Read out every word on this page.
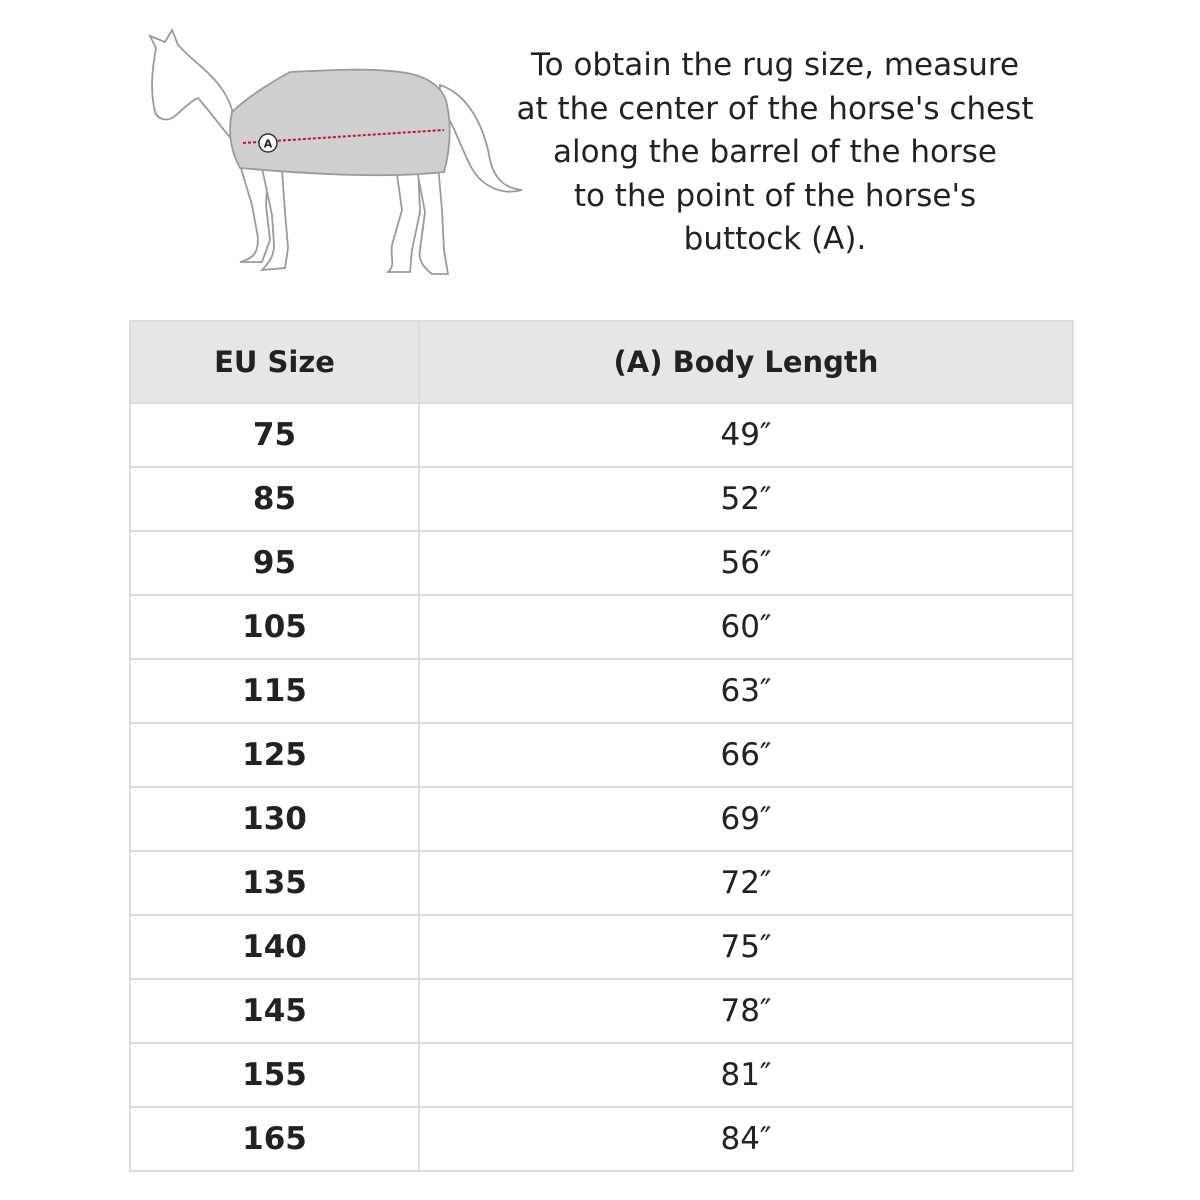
A

To obtain the rug size, measure
at the center of the horse's chest
along the barrel of the horse
to the point of the horse's
buttock (A).

EU Size	(A) Body Length
75	49″
85	52″
95	56″
105	60″
115	63″
125	66″
130	69″
135	72″
140	75″
145	78″
155	81″
165	84″
